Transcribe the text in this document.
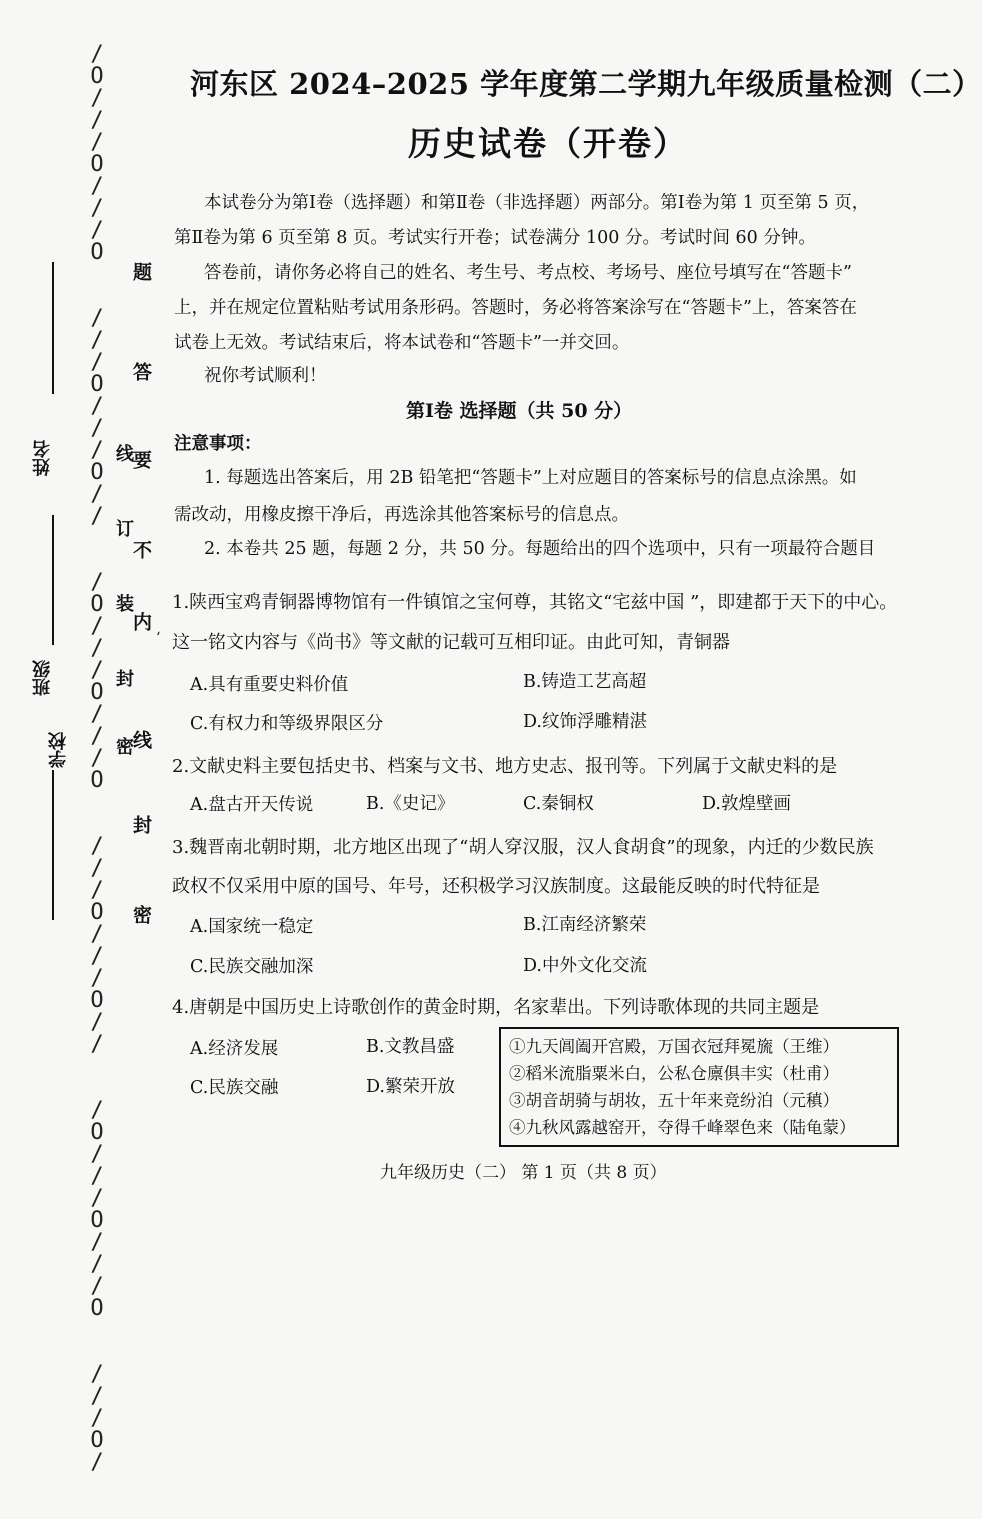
/
O
/
/
/
O
/
/
/
O

/
/
/
O
/
/
/
O
/
/

/
O
/
/
/
O
/
/
/
O

/
/
/
O
/
/
/
O
/
/

/
O
/
/
/
O
/
/
/
O

/
/
/
O
/

线
订
装
封
密
题
答
要
不
内
线
封
密
姓名
班级
学校
河东区 2024–2025 学年度第二学期九年级质量检测（二）
历史试卷（开卷）
本试卷分为第Ⅰ卷（选择题）和第Ⅱ卷（非选择题）两部分。第Ⅰ卷为第 1 页至第 5 页，
第Ⅱ卷为第 6 页至第 8 页。考试实行开卷；试卷满分 100 分。考试时间 60 分钟。
答卷前，请你务必将自己的姓名、考生号、考点校、考场号、座位号填写在“答题卡”
上，并在规定位置粘贴考试用条形码。答题时，务必将答案涂写在“答题卡”上，答案答在
试卷上无效。考试结束后，将本试卷和“答题卡”一并交回。
祝你考试顺利！
第Ⅰ卷 选择题（共 50 分）
注意事项：
1. 每题选出答案后，用 2B 铅笔把“答题卡”上对应题目的答案标号的信息点涂黑。如
需改动，用橡皮擦干净后，再选涂其他答案标号的信息点。
2. 本卷共 25 题，每题 2 分，共 50 分。每题给出的四个选项中，只有一项最符合题目
ʻ
1.陕西宝鸡青铜器博物馆有一件镇馆之宝何尊，其铭文“宅兹中国 ”，即建都于天下的中心。
这一铭文内容与《尚书》等文献的记载可互相印证。由此可知，青铜器
A.具有重要史料价值	B.铸造工艺高超
C.有权力和等级界限区分	D.纹饰浮雕精湛
2.文献史料主要包括史书、档案与文书、地方史志、报刊等。下列属于文献史料的是
A.盘古开天传说	B.《史记》	C.秦铜权	D.敦煌壁画
3.魏晋南北朝时期，北方地区出现了“胡人穿汉服，汉人食胡食”的现象，内迁的少数民族
政权不仅采用中原的国号、年号，还积极学习汉族制度。这最能反映的时代特征是
A.国家统一稳定	B.江南经济繁荣
C.民族交融加深	D.中外文化交流
4.唐朝是中国历史上诗歌创作的黄金时期，名家辈出。下列诗歌体现的共同主题是
A.经济发展	B.文教昌盛
C.民族交融	D.繁荣开放
①九天阊阖开宫殿，万国衣冠拜冕旒（王维）
②稻米流脂粟米白，公私仓廪俱丰实（杜甫）
③胡音胡骑与胡妆，五十年来竞纷泊（元稹）
④九秋风露越窑开，夺得千峰翠色来（陆龟蒙）
九年级历史（二） 第 1 页（共 8 页）
